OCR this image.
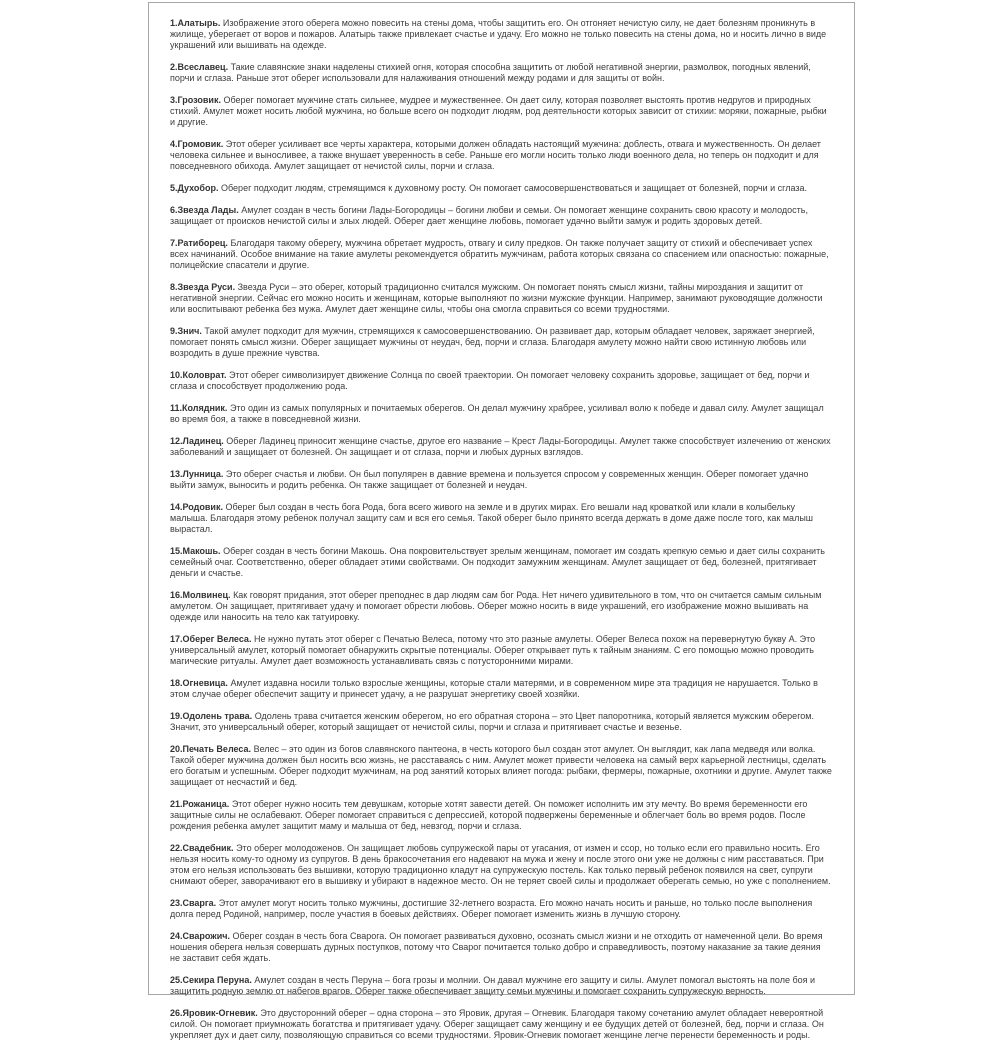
1.Алатырь. Изображение этого оберега можно повесить на стены дома, чтобы защитить его. Он отгоняет нечистую силу, не дает болезням проникнуть в жилище, уберегает от воров и пожаров. Алатырь также привлекает счастье и удачу. Его можно не только повесить на стены дома, но и носить лично в виде украшений или вышивать на одежде.

2.Всеславец. Такие славянские знаки наделены стихией огня, которая способна защитить от любой негативной энергии, размолвок, погодных явлений, порчи и сглаза. Раньше этот оберег использовали для налаживания отношений между родами и для защиты от войн.

3.Грозовик. Оберег помогает мужчине стать сильнее, мудрее и мужественнее. Он дает силу, которая позволяет выстоять против недругов и природных стихий. Амулет может носить любой мужчина, но больше всего он подходит людям, род деятельности которых зависит от стихии: моряки, пожарные, рыбки и другие.

4.Громовик. Этот оберег усиливает все черты характера, которыми должен обладать настоящий мужчина: доблесть, отвага и мужественность. Он делает человека сильнее и выносливее, а также внушает уверенность в себе. Раньше его могли носить только люди военного дела, но теперь он подходит и для повседневного обихода. Амулет защищает от нечистой силы, порчи и сглаза.

5.Духобор. Оберег подходит людям, стремящимся к духовному росту. Он помогает самосовершенствоваться и защищает от болезней, порчи и сглаза.

6.Звезда Лады. Амулет создан в честь богини Лады-Богородицы – богини любви и семьи. Он помогает женщине сохранить свою красоту и молодость, защищает от происков нечистой силы и злых людей. Оберег дает женщине любовь, помогает удачно выйти замуж и родить здоровых детей.

7.Ратиборец. Благодаря такому оберегу, мужчина обретает мудрость, отвагу и силу предков. Он также получает защиту от стихий и обеспечивает успех всех начинаний. Особое внимание на такие амулеты рекомендуется обратить мужчинам, работа которых связана со спасением или опасностью: пожарные, полицейские спасатели и другие.

8.Звезда Руси. Звезда Руси – это оберег, который традиционно считался мужским. Он помогает понять смысл жизни, тайны мироздания и защитит от негативной энергии. Сейчас его можно носить и женщинам, которые выполняют по жизни мужские функции. Например, занимают руководящие должности или воспитывают ребенка без мужа. Амулет дает женщине силы, чтобы она смогла справиться со всеми трудностями.

9.Знич. Такой амулет подходит для мужчин, стремящихся к самосовершенствованию. Он развивает дар, которым обладает человек, заряжает энергией, помогает понять смысл жизни. Оберег защищает мужчины от неудач, бед, порчи и сглаза. Благодаря амулету можно найти свою истинную любовь или возродить в душе прежние чувства.

10.Коловрат. Этот оберег символизирует движение Солнца по своей траектории. Он помогает человеку сохранить здоровье, защищает от бед, порчи и сглаза и способствует продолжению рода.

11.Колядник. Это один из самых популярных и почитаемых оберегов. Он делал мужчину храбрее, усиливал волю к победе и давал силу. Амулет защищал во время боя, а также в повседневной жизни.

12.Ладинец. Оберег Ладинец приносит женщине счастье, другое его название – Крест Лады-Богородицы. Амулет также способствует излечению от женских заболеваний и защищает от болезней. Он защищает и от сглаза, порчи и любых дурных взглядов.

13.Лунница. Это оберег счастья и любви. Он был популярен в давние времена и пользуется спросом у современных женщин. Оберег помогает удачно выйти замуж, выносить и родить ребенка. Он также защищает от болезней и неудач.

14.Родовик. Оберег был создан в честь бога Рода, бога всего живого на земле и в других мирах. Его вешали над кроваткой или клали в колыбельку малыша. Благодаря этому ребенок получал защиту сам и вся его семья. Такой оберег было принято всегда держать в доме даже после того, как малыш вырастал.

15.Макошь. Оберег создан в честь богини Макошь. Она покровительствует зрелым женщинам, помогает им создать крепкую семью и дает силы сохранить семейный очаг. Соответственно, оберег обладает этими свойствами. Он подходит замужним женщинам. Амулет защищает от бед, болезней, притягивает деньги и счастье.

16.Молвинец. Как говорят придания, этот оберег преподнес в дар людям сам бог Рода. Нет ничего удивительного в том, что он считается самым сильным амулетом. Он защищает, притягивает удачу и помогает обрести любовь. Оберег можно носить в виде украшений, его изображение можно вышивать на одежде или наносить на тело как татуировку.

17.Оберег Велеса. Не нужно путать этот оберег с Печатью Велеса, потому что это разные амулеты. Оберег Велеса похож на перевернутую букву А. Это универсальный амулет, который помогает обнаружить скрытые потенциалы. Оберег открывает путь к тайным знаниям. С его помощью можно проводить магические ритуалы. Амулет дает возможность устанавливать связь с потусторонними мирами.

18.Огневица. Амулет издавна носили только взрослые женщины, которые стали матерями, и в современном мире эта традиция не нарушается. Только в этом случае оберег обеспечит защиту и принесет удачу, а не разрушат энергетику своей хозяйки.

19.Одолень трава. Одолень трава считается женским оберегом, но его обратная сторона – это Цвет папоротника, который является мужским оберегом. Значит, это универсальный оберег, который защищает от нечистой силы, порчи и сглаза и притягивает счастье и везенье.

20.Печать Велеса. Велес – это один из богов славянского пантеона, в честь которого был создан этот амулет. Он выглядит, как лапа медведя или волка. Такой оберег мужчина должен был носить всю жизнь, не расставаясь с ним. Амулет может привести человека на самый верх карьерной лестницы, сделать его богатым и успешным. Оберег подходит мужчинам, на род занятий которых влияет погода: рыбаки, фермеры, пожарные, охотники и другие. Амулет также защищает от несчастий и бед.

21.Рожаница. Этот оберег нужно носить тем девушкам, которые хотят завести детей. Он поможет исполнить им эту мечту. Во время беременности его защитные силы не ослабевают. Оберег помогает справиться с депрессией, которой подвержены беременные и облегчает боль во время родов. После рождения ребенка амулет защитит маму и малыша от бед, невзгод, порчи и сглаза.

22.Свадебник. Это оберег молодоженов. Он защищает любовь супружеской пары от угасания, от измен и ссор, но только если его правильно носить. Его нельзя носить кому-то одному из супругов. В день бракосочетания его надевают на мужа и жену и после этого они уже не должны с ним расставаться. При этом его нельзя использовать без вышивки, которую традиционно кладут на супружескую постель. Как только первый ребенок появился на свет, супруги снимают оберег, заворачивают его в вышивку и убирают в надежное место. Он не теряет своей силы и продолжает оберегать семью, но уже с пополнением.

23.Сварга. Этот амулет могут носить только мужчины, достигшие 32-летнего возраста. Его можно начать носить и раньше, но только после выполнения долга перед Родиной, например, после участия в боевых действиях. Оберег помогает изменить жизнь в лучшую сторону.

24.Сварожич. Оберег создан в честь бога Сварога. Он помогает развиваться духовно, осознать смысл жизни и не отходить от намеченной цели. Во время ношения оберега нельзя совершать дурных поступков, потому что Сварог почитается только добро и справедливость, поэтому наказание за такие деяния не заставит себя ждать.

25.Секира Перуна. Амулет создан в честь Перуна – бога грозы и молнии. Он давал мужчине его защиту и силы. Амулет помогал выстоять на поле боя и защитить родную землю от набегов врагов. Оберег также обеспечивает защиту семьи мужчины и помогает сохранить супружескую верность.

26.Яровик-Огневик. Это двусторонний оберег – одна сторона – это Яровик, другая – Огневик. Благодаря такому сочетанию амулет обладает невероятной силой. Он помогает приумножать богатства и притягивает удачу. Оберег защищает саму женщину и ее будущих детей от болезней, бед, порчи и сглаза. Он укрепляет дух и дает силу, позволяющую справиться со всеми трудностями. Яровик-Огневик помогает женщине легче перенести беременность и роды.
